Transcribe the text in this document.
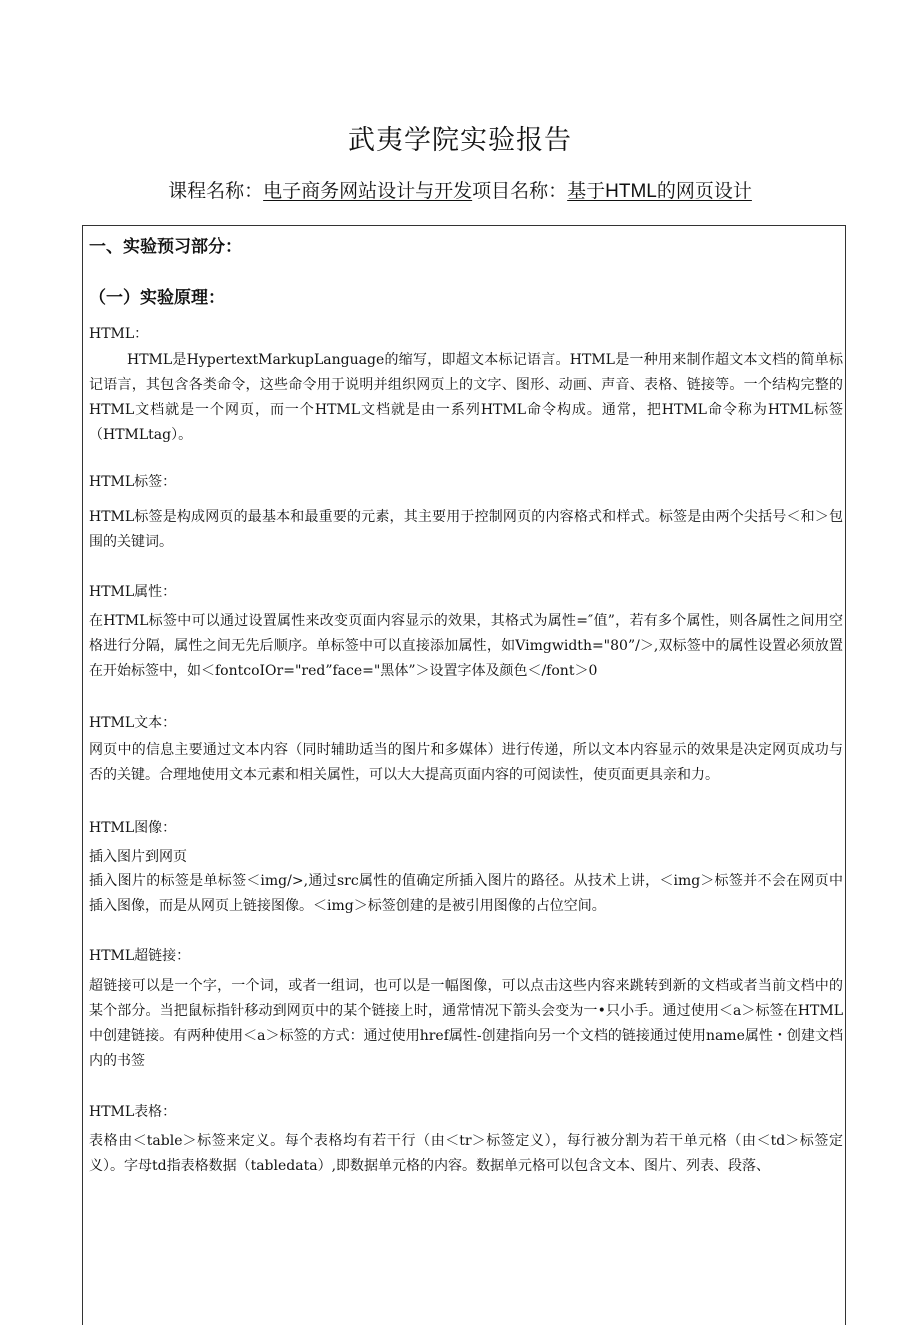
武夷学院实验报告
课程名称：电子商务网站设计与开发项目名称：基于HTML的网页设计
一、实验预习部分：
（一）实验原理：

HTML：

HTML是HypertextMarkupLanguage的缩写，即超文本标记语言。HTML是一种用来制作超文本文档的简单标记语言，其包含各类命令，这些命令用于说明并组织网页上的文字、图形、动画、声音、表格、链接等。一个结构完整的HTML文档就是一个网页，而一个HTML文档就是由一系列HTML命令构成。通常，把HTML命令称为HTML标签（HTMLtag）。

HTML标签：

HTML标签是构成网页的最基本和最重要的元素，其主要用于控制网页的内容格式和样式。标签是由两个尖括号＜和＞包围的关键词。

HTML属性：

在HTML标签中可以通过设置属性来改变页面内容显示的效果，其格式为属性=″值”，若有多个属性，则各属性之间用空格进行分隔，属性之间无先后顺序。单标签中可以直接添加属性，如Vimgwidth="80”/＞,双标签中的属性设置必须放置在开始标签中，如＜fontcoIOr="red”face="黑体”＞设置字体及颜色＜/font＞0

HTML文本：

网页中的信息主要通过文本内容（同时辅助适当的图片和多媒体）进行传递，所以文本内容显示的效果是决定网页成功与否的关键。合理地使用文本元素和相关属性，可以大大提高页面内容的可阅读性，使页面更具亲和力。

HTML图像：

插入图片到网页

插入图片的标签是单标签＜img/>,通过src属性的值确定所插入图片的路径。从技术上讲，＜img＞标签并不会在网页中插入图像，而是从网页上链接图像。＜img＞标签创建的是被引用图像的占位空间。

HTML超链接：

超链接可以是一个字，一个词，或者一组词，也可以是一幅图像，可以点击这些内容来跳转到新的文档或者当前文档中的某个部分。当把鼠标指针移动到网页中的某个链接上时，通常情况下箭头会变为一•只小手。通过使用＜a＞标签在HTML中创建链接。有两种使用＜a＞标签的方式：通过使用href属性-创建指向另一个文档的链接通过使用name属性・创建文档内的书签

HTML表格：

表格由＜table＞标签来定义。每个表格均有若干行（由＜tr＞标签定义），每行被分割为若干单元格（由＜td＞标签定义）。字母td指表格数据（tabledata）,即数据单元格的内容。数据单元格可以包含文本、图片、列表、段落、
